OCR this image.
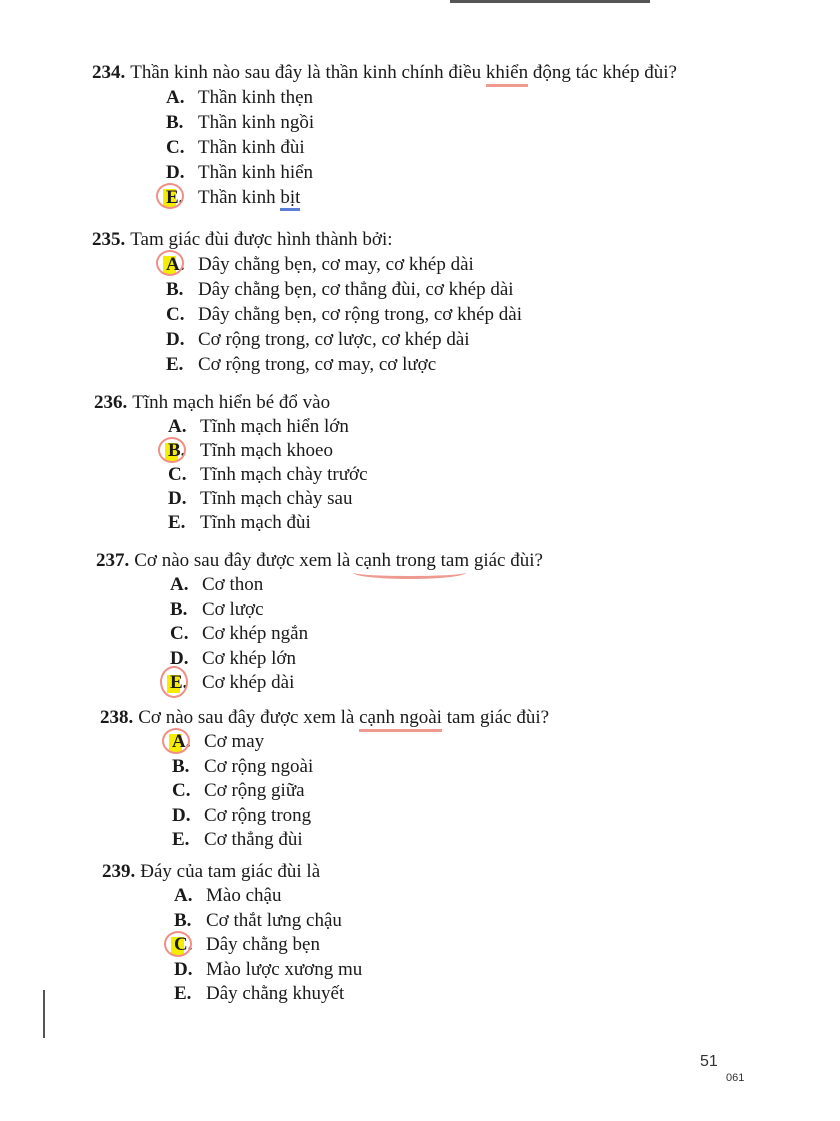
234. Thần kinh nào sau đây là thần kinh chính điều khiển động tác khép đùi?
A. Thần kinh thẹn
B. Thần kinh ngồi
C. Thần kinh đùi
D. Thần kinh hiển
E. Thần kinh bịt
235. Tam giác đùi được hình thành bởi:
A. Dây chằng bẹn, cơ may, cơ khép dài
B. Dây chằng bẹn, cơ thẳng đùi, cơ khép dài
C. Dây chằng bẹn, cơ rộng trong, cơ khép dài
D. Cơ rộng trong, cơ lược, cơ khép dài
E. Cơ rộng trong, cơ may, cơ lược
236. Tĩnh mạch hiển bé đổ vào
A. Tĩnh mạch hiển lớn
B. Tĩnh mạch khoeo
C. Tĩnh mạch chày trước
D. Tĩnh mạch chày sau
E. Tĩnh mạch đùi
237. Cơ nào sau đây được xem là cạnh trong tam giác đùi?
A. Cơ thon
B. Cơ lược
C. Cơ khép ngắn
D. Cơ khép lớn
E. Cơ khép dài
238. Cơ nào sau đây được xem là cạnh ngoài tam giác đùi?
A. Cơ may
B. Cơ rộng ngoài
C. Cơ rộng giữa
D. Cơ rộng trong
E. Cơ thẳng đùi
239. Đáy của tam giác đùi là
A. Mào chậu
B. Cơ thắt lưng chậu
C. Dây chằng bẹn
D. Mào lược xương mu
E. Dây chằng khuyết
51
061
